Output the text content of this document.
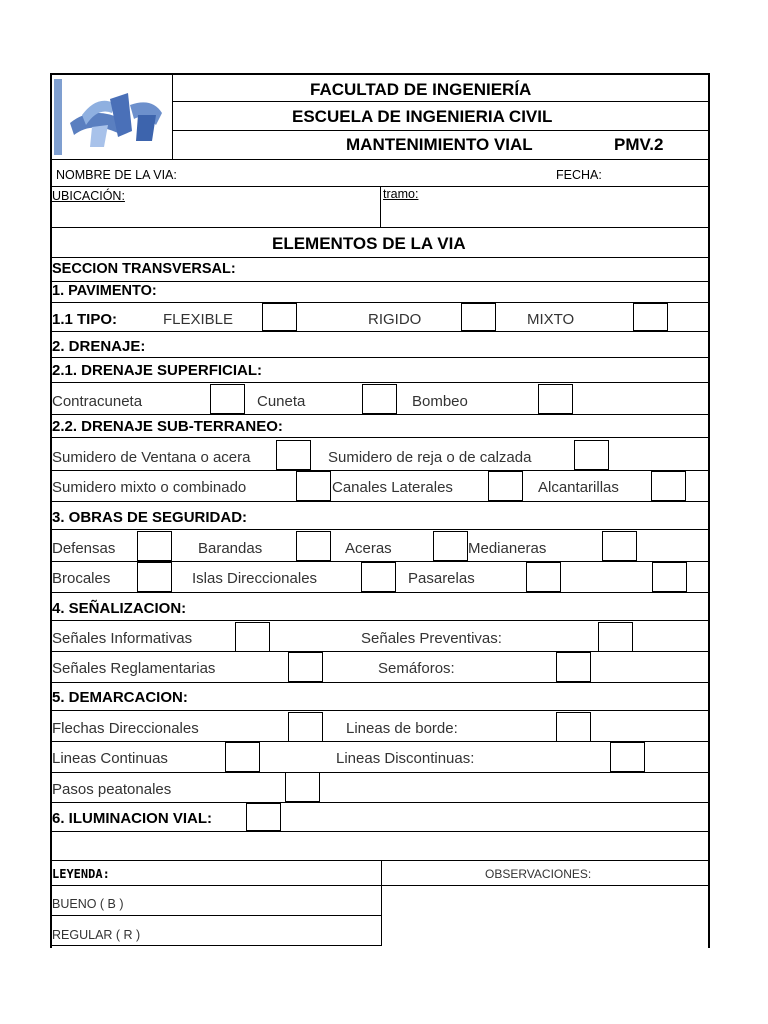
FACULTAD DE INGENIERÍA
ESCUELA DE INGENIERIA CIVIL
MANTENIMIENTO VIAL	PMV.2
NOMBRE DE LA VIA:	FECHA:
UBICACIÓN:	tramo:
ELEMENTOS DE LA VIA
SECCION TRANSVERSAL:
1. PAVIMENTO:
1.1 TIPO:	FLEXIBLE	RIGIDO	MIXTO
2. DRENAJE:
2.1. DRENAJE SUPERFICIAL:
Contracuneta	Cuneta	Bombeo
2.2. DRENAJE SUB-TERRANEO:
Sumidero de Ventana o acera	Sumidero de reja o de calzada
Sumidero mixto o combinado	Canales Laterales	Alcantarillas
3. OBRAS DE SEGURIDAD:
Defensas	Barandas	Aceras	Medianeras
Brocales	Islas Direccionales	Pasarelas
4. SEÑALIZACION:
Señales Informativas	Señales Preventivas:
Señales Reglamentarias	Semáforos:
5. DEMARCACION:
Flechas Direccionales	Lineas de borde:
Lineas Continuas	Lineas Discontinuas:
Pasos peatonales
6. ILUMINACION VIAL:
LEYENDA:	OBSERVACIONES:
BUENO ( B )
REGULAR ( R )
